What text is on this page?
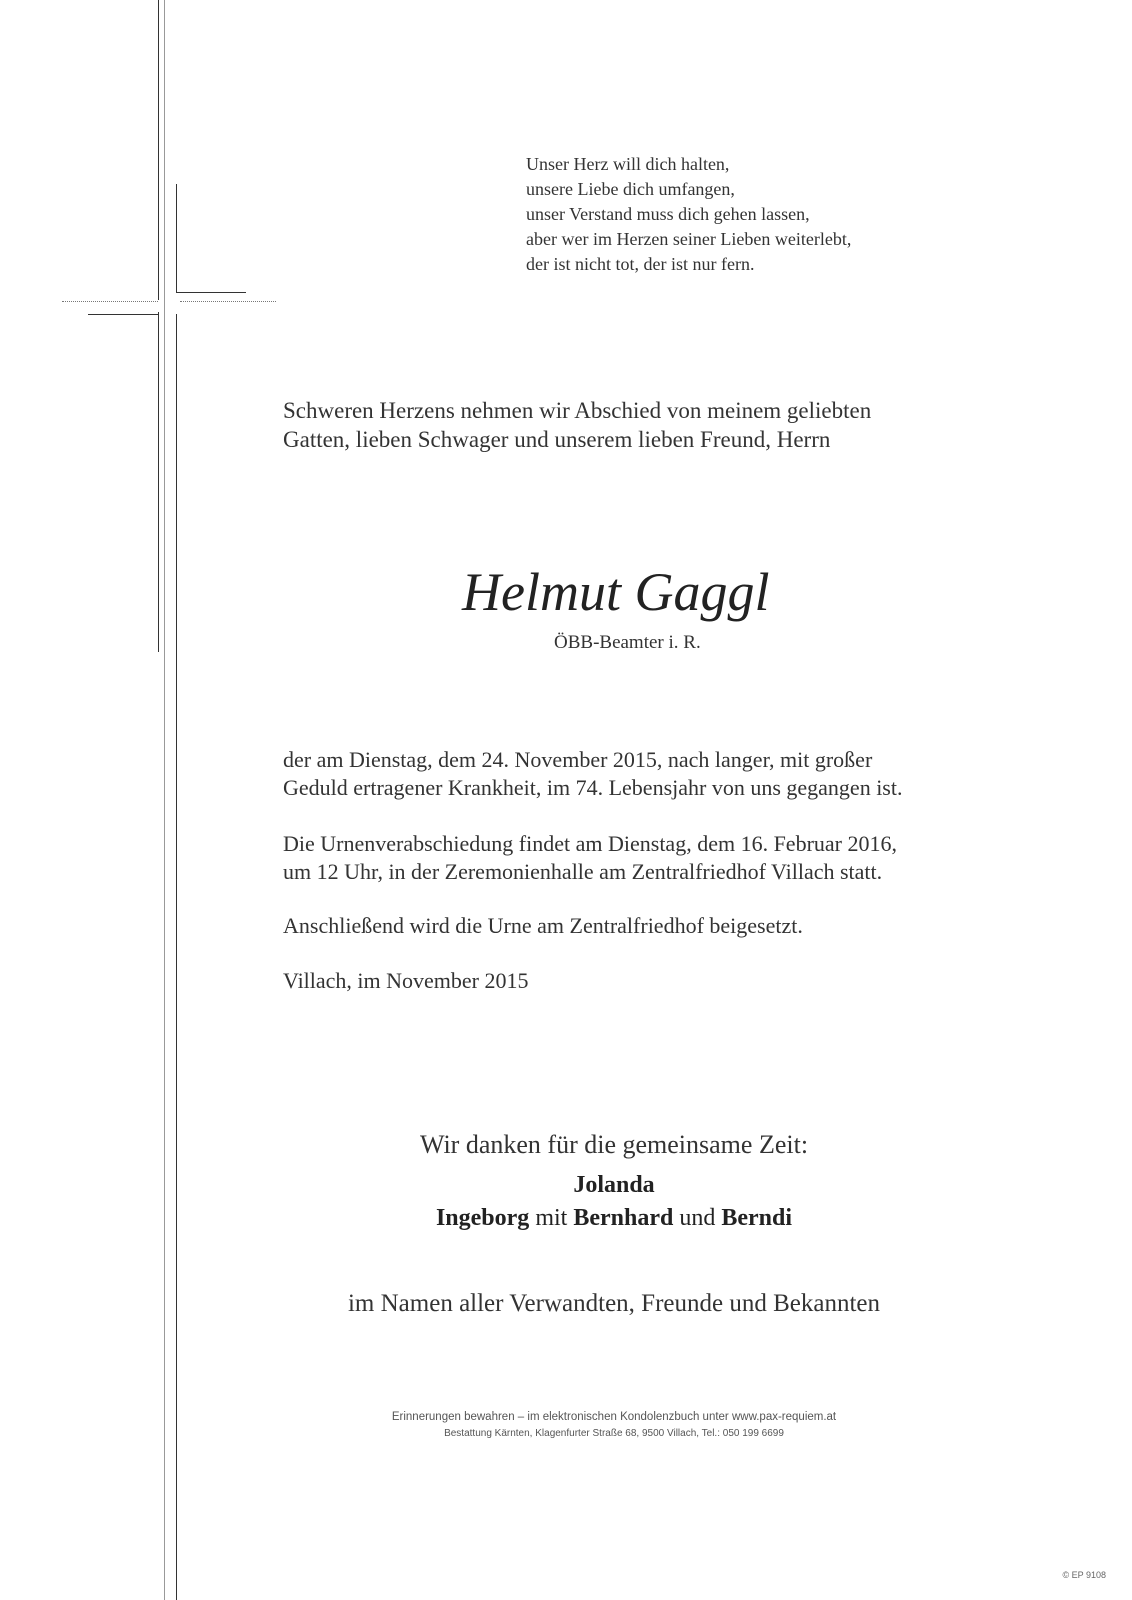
Unser Herz will dich halten,
unsere Liebe dich umfangen,
unser Verstand muss dich gehen lassen,
aber wer im Herzen seiner Lieben weiterlebt,
der ist nicht tot, der ist nur fern.
Schweren Herzens nehmen wir Abschied von meinem geliebten
Gatten, lieben Schwager und unserem lieben Freund, Herrn
Helmut Gaggl
ÖBB-Beamter i. R.
der am Dienstag, dem 24. November 2015, nach langer, mit großer
Geduld ertragener Krankheit, im 74. Lebensjahr von uns gegangen ist.
Die Urnenverabschiedung findet am Dienstag, dem 16. Februar 2016,
um 12 Uhr, in der Zeremonienhalle am Zentralfriedhof Villach statt.
Anschließend wird die Urne am Zentralfriedhof beigesetzt.
Villach, im November 2015
Wir danken für die gemeinsame Zeit:
Jolanda
Ingeborg mit Bernhard und Berndi
im Namen aller Verwandten, Freunde und Bekannten
Erinnerungen bewahren – im elektronischen Kondolenzbuch unter www.pax-requiem.at
Bestattung Kärnten, Klagenfurter Straße 68, 9500 Villach, Tel.: 050 199 6699
© EP 9108
